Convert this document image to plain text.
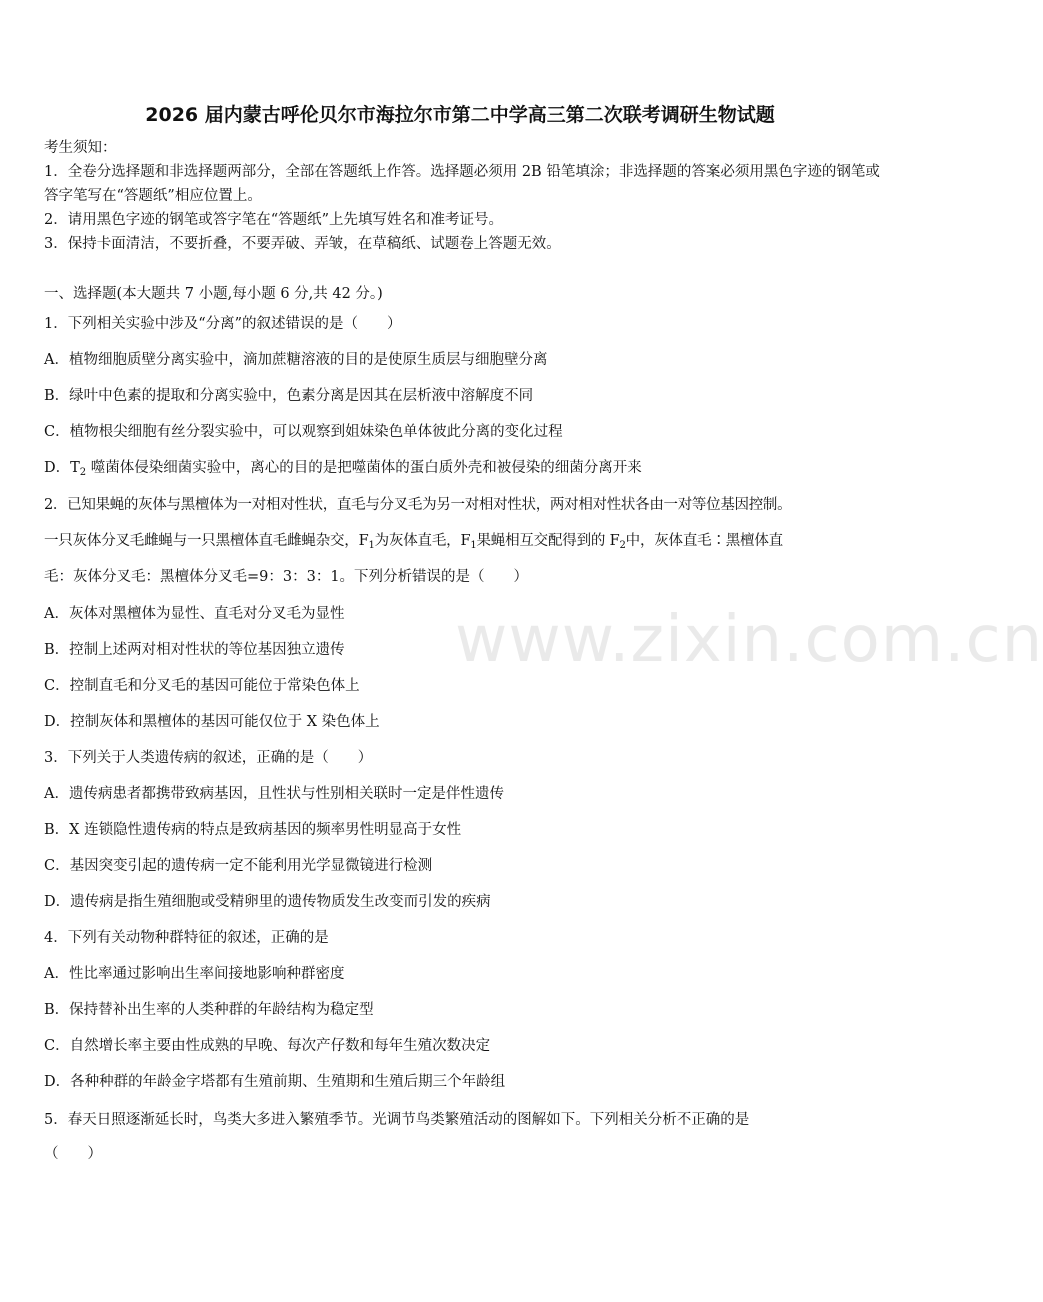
2026 届内蒙古呼伦贝尔市海拉尔市第二中学高三第二次联考调研生物试题
考生须知：
1．全卷分选择题和非选择题两部分，全部在答题纸上作答。选择题必须用 2B 铅笔填涂；非选择题的答案必须用黑色字迹的钢笔或答字笔写在“答题纸”相应位置上。
2．请用黑色字迹的钢笔或答字笔在“答题纸”上先填写姓名和准考证号。
3．保持卡面清洁，不要折叠，不要弄破、弄皱，在草稿纸、试题卷上答题无效。
一、选择题(本大题共 7 小题,每小题 6 分,共 42 分。)
1．下列相关实验中涉及“分离”的叙述错误的是（　　）
A．植物细胞质壁分离实验中，滴加蔗糖溶液的目的是使原生质层与细胞壁分离
B．绿叶中色素的提取和分离实验中，色素分离是因其在层析液中溶解度不同
C．植物根尖细胞有丝分裂实验中，可以观察到姐妹染色单体彼此分离的变化过程
D．$T_2$ 噬菌体侵染细菌实验中，离心的目的是把噬菌体的蛋白质外壳和被侵染的细菌分离开来
2．已知果蝇的灰体与黑檀体为一对相对性状，直毛与分叉毛为另一对相对性状，两对相对性状各由一对等位基因控制。
一只灰体分叉毛雌蝇与一只黑檀体直毛雌蝇杂交，$F_1$为灰体直毛，$F_1$果蝇相互交配得到的 $F_2$中，灰体直毛∶黑檀体直
毛：灰体分叉毛：黑檀体分叉毛=9：3：3：1。下列分析错误的是（　　）
A．灰体对黑檀体为显性、直毛对分叉毛为显性
B．控制上述两对相对性状的等位基因独立遗传
C．控制直毛和分叉毛的基因可能位于常染色体上
D．控制灰体和黑檀体的基因可能仅位于 X 染色体上
3．下列关于人类遗传病的叙述，正确的是（　　）
A．遗传病患者都携带致病基因，且性状与性别相关联时一定是伴性遗传
B．X 连锁隐性遗传病的特点是致病基因的频率男性明显高于女性
C．基因突变引起的遗传病一定不能利用光学显微镜进行检测
D．遗传病是指生殖细胞或受精卵里的遗传物质发生改变而引发的疾病
4．下列有关动物种群特征的叙述，正确的是
A．性比率通过影响出生率间接地影响种群密度
B．保持替补出生率的人类种群的年龄结构为稳定型
C．自然增长率主要由性成熟的早晚、每次产仔数和每年生殖次数决定
D．各种种群的年龄金字塔都有生殖前期、生殖期和生殖后期三个年龄组
5．春天日照逐渐延长时，鸟类大多进入繁殖季节。光调节鸟类繁殖活动的图解如下。下列相关分析不正确的是
（　　）
www.zixin.com.cn
